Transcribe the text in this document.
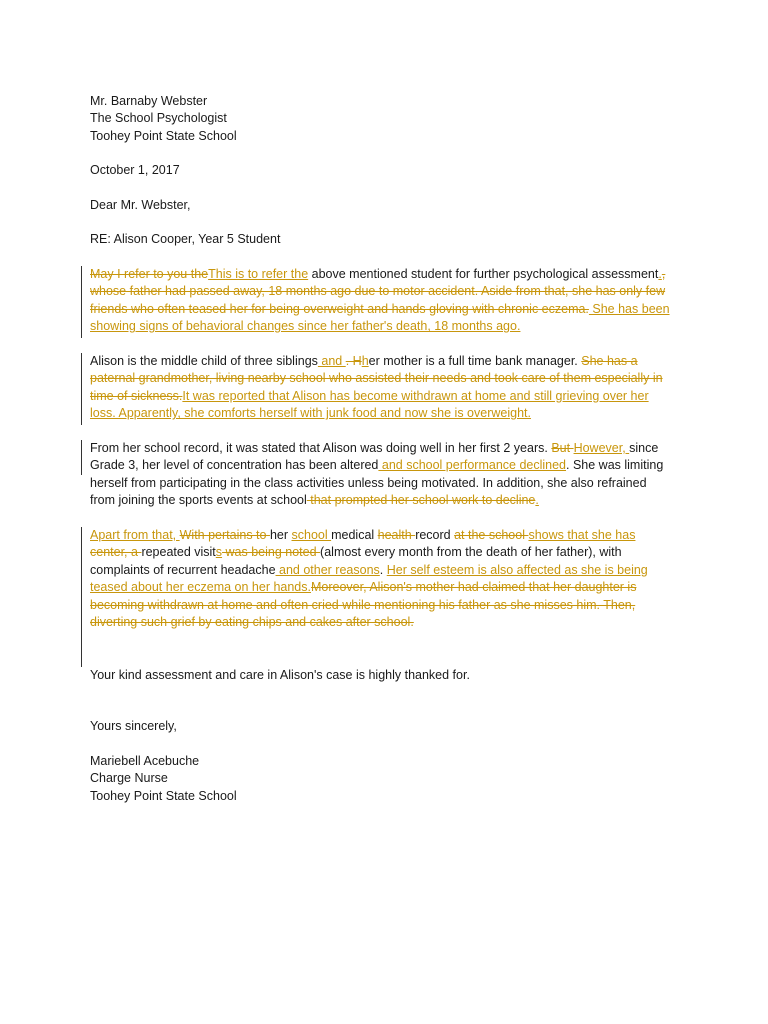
Mr. Barnaby Webster
The School Psychologist
Toohey Point State School
October 1, 2017
Dear Mr. Webster,
RE: Alison Cooper, Year 5 Student

May I refer to you theThis is to refer the above mentioned student for further psychological assessment., whose father had passed away, 18 months ago due to motor accident. Aside from that, she has only few friends who often teased her for being overweight and hands gloving with chronic eczema. She has been showing signs of behavioral changes since her father's death, 18 months ago.

Alison is the middle child of three siblings and . Hher mother is a full time bank manager. She has a paternal grandmother, living nearby school who assisted their needs and took care of them especially in time of sickness.It was reported that Alison has become withdrawn at home and still grieving over her loss. Apparently, she comforts herself with junk food and now she is overweight.

From her school record, it was stated that Alison was doing well in her first 2 years. But However, since Grade 3, her level of concentration has been altered and school performance declined. She was limiting herself from participating in the class activities unless being motivated. In addition, she also refrained from joining the sports events at school that prompted her school work to decline.

Apart from that, With pertains to her school medical health record at the school shows that she has center, a repeated visits was being noted (almost every month from the death of her father), with complaints of recurrent headache and other reasons. Her self esteem is also affected as she is being teased about her eczema on her hands.Moreover, Alison's mother had claimed that her daughter is becoming withdrawn at home and often cried while mentioning his father as she misses him. Then, diverting such grief by eating chips and cakes after school.

Your kind assessment and care in Alison's case is highly thanked for.
Yours sincerely,
Mariebell Acebuche
Charge Nurse
Toohey Point State School
